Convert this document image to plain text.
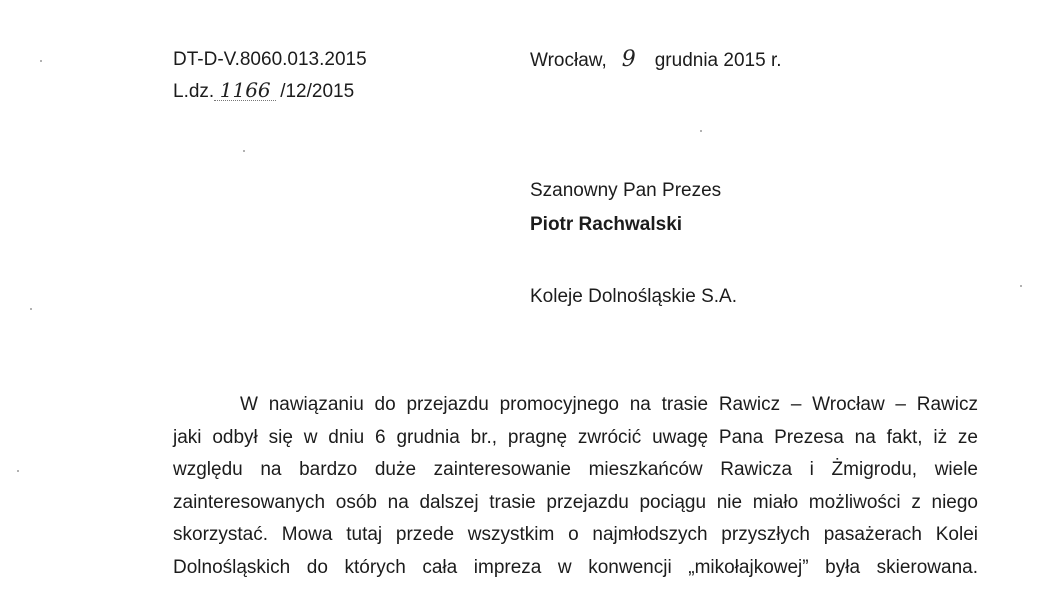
DT-D-V.8060.013.2015
L.dz. 1166 /12/2015
Wrocław, 9 grudnia 2015 r.
Szanowny Pan Prezes
Piotr Rachwalski
Koleje Dolnośląskie S.A.
W nawiązaniu do przejazdu promocyjnego na trasie Rawicz – Wrocław – Rawicz
jaki odbył się w dniu 6 grudnia br., pragnę zwrócić uwagę Pana Prezesa na fakt, iż ze
względu na bardzo duże zainteresowanie mieszkańców Rawicza i Żmigrodu, wiele
zainteresowanych osób na dalszej trasie przejazdu pociągu nie miało możliwości z niego
skorzystać. Mowa tutaj przede wszystkim o najmłodszych przyszłych pasażerach Kolei
Dolnośląskich do których cała impreza w konwencji „mikołajkowej” była skierowana.
